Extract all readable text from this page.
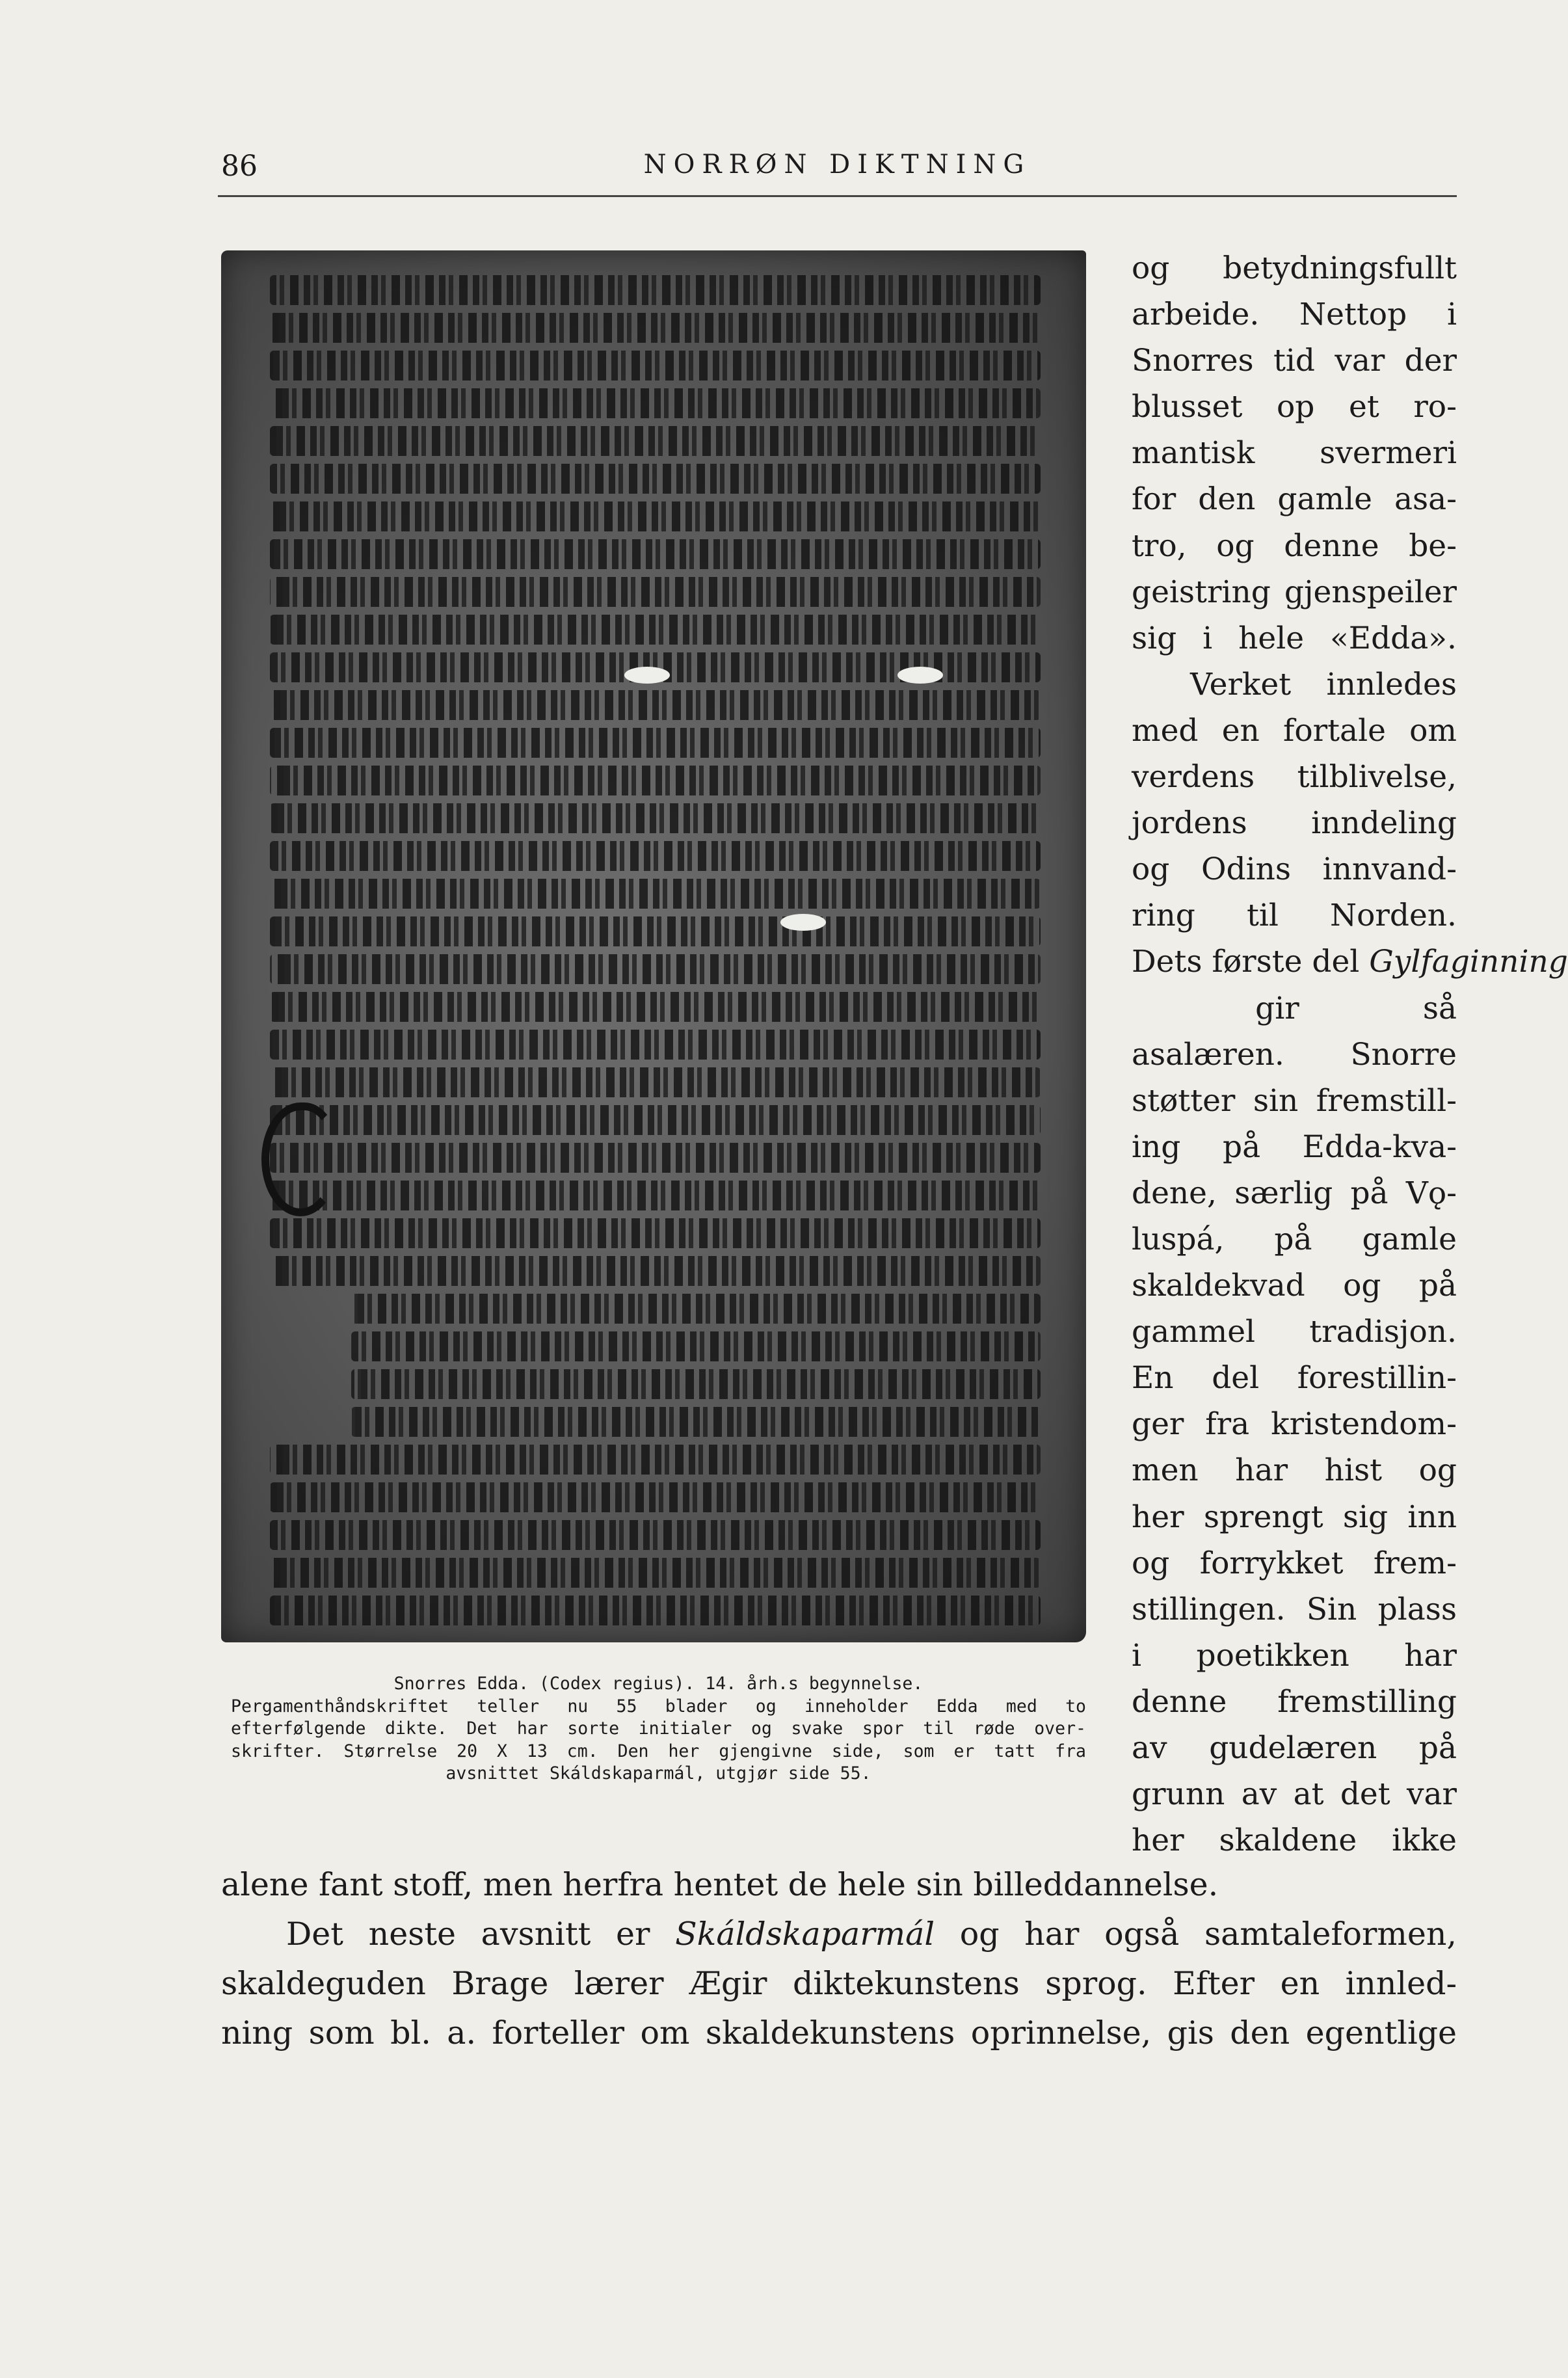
86	NORRØN DIKTNING
Snorres Edda. (Codex regius). 14. årh.s begynnelse.
Pergamenthåndskriftet teller nu 55 blader og inneholder Edda med to
efterfølgende dikte. Det har sorte initialer og svake spor til røde over-
skrifter. Størrelse 20 X 13 cm. Den her gjengivne side, som er tatt fra
avsnittet Skáldskaparmál, utgjør side 55.
og betydningsfullt
arbeide. Nettop i
Snorres tid var der
blusset op et ro-
mantisk svermeri
for den gamle asa-
tro, og denne be-
geistring gjenspeiler
sig i hele «Edda».
Verket innledes
med en fortale om
verdens tilblivelse,
jordens inndeling
og Odins innvand-
ring til Norden.
Dets første del Gylfaginning
gir så
asalæren. Snorre
støtter sin fremstill-
ing på Edda-kva-
dene, særlig på Vǫ-
luspá, på gamle
skaldekvad og på
gammel tradisjon.
En del forestillin-
ger fra kristendom-
men har hist og
her sprengt sig inn
og forrykket frem-
stillingen. Sin plass
i poetikken har
denne fremstilling
av gudelæren på
grunn av at det var
her skaldene ikke
alene fant stoff, men herfra hentet de hele sin billeddannelse.
Det neste avsnitt er Skáldskaparmál og har også samtaleformen,
skaldeguden Brage lærer Ægir diktekunstens sprog. Efter en innled-
ning som bl. a. forteller om skaldekunstens oprinnelse, gis den egentlige
